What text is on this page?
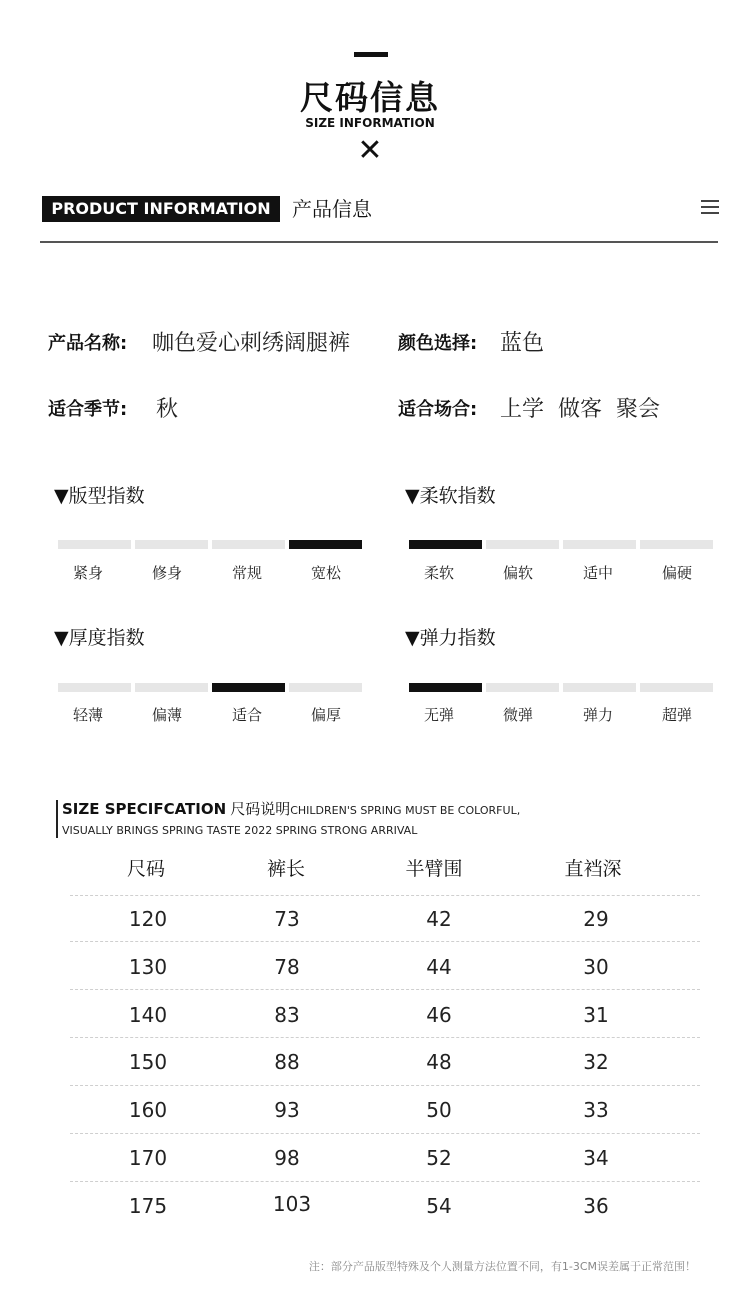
尺码信息
SIZE INFORMATION
✕
PRODUCT INFORMATION	产品信息
产品名称: 咖色爱心刺绣阔腿裤	颜色选择: 蓝色
适合季节: 秋	适合场合: 上学  做客  聚会
▼版型指数
紧身	修身	常规	宽松
▼柔软指数
柔软	偏软	适中	偏硬
▼厚度指数
轻薄	偏薄	适合	偏厚
▼弹力指数
无弹	微弹	弹力	超弹
SIZE SPECIFCATION 尺码说明CHILDREN'S SPRING MUST BE COLORFUL,
VISUALLY BRINGS SPRING TASTE 2022 SPRING STRONG ARRIVAL
尺码	裤长	半臂围	直裆深
120	73	42	29
130	78	44	30
140	83	46	31
150	88	48	32
160	93	50	33
170	98	52	34
175	103	54	36
注：部分产品版型特殊及个人测量方法位置不同，有1-3CM误差属于正常范围！
